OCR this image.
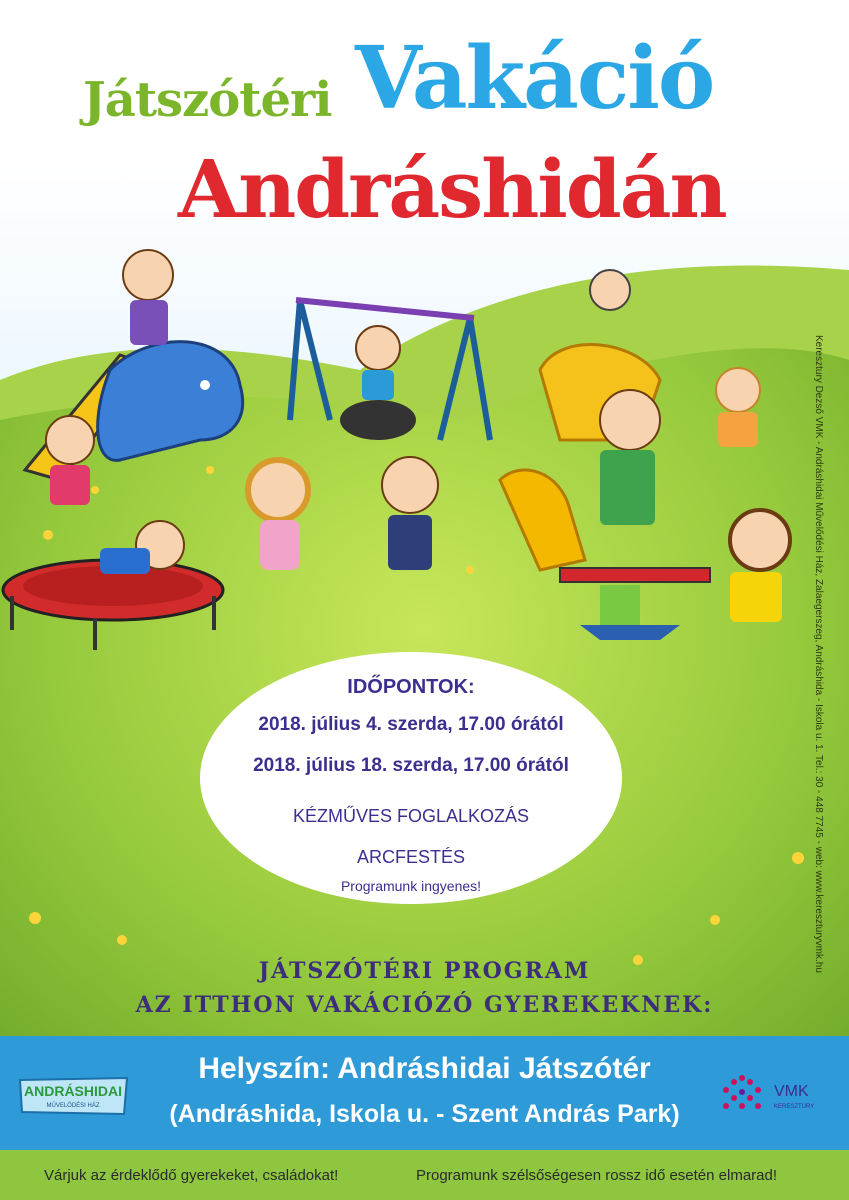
Játszótéri Vakáció
Andráshidán
Keresztury Dezső VMK - Andráshidai Művelődési Ház, Zalaegerszeg, Andráshida - Iskola u. 1. Tel.: 30 - 448 7745 - web: www.kereszturyvmk.hu
IDŐPONTOK:
2018. július 4. szerda, 17.00 órától
2018. július 18. szerda, 17.00 órától
KÉZMŰVES FOGLALKOZÁS
ARCFESTÉS
Programunk ingyenes!
JÁTSZÓTÉRI PROGRAM
AZ ITTHON VAKÁCIÓZÓ GYEREKEKNEK:
Helyszín: Andráshidai Játszótér
(Andráshida, Iskola u. - Szent András Park)
ANDRÁSHIDAI
MŰVELŐDÉSI HÁZ
VMK
KERESZTURY
Várjuk az érdeklődő gyerekeket, családokat!	Programunk szélsőségesen rossz idő esetén elmarad!
